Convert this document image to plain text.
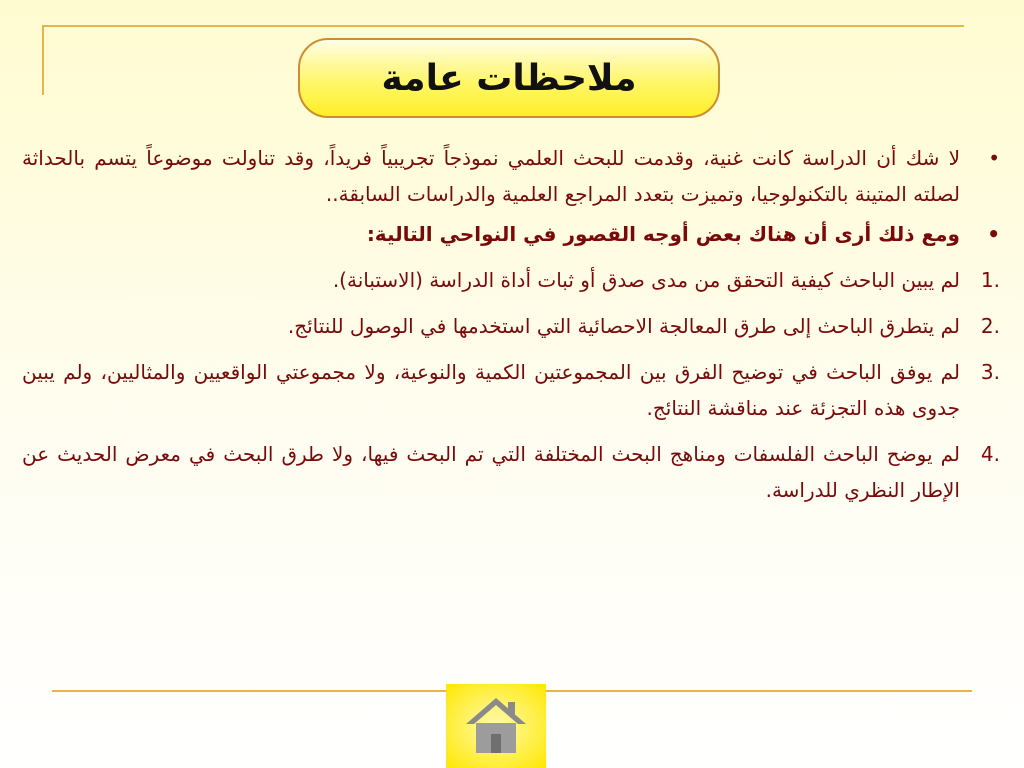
ملاحظات عامة
•
لا شك أن الدراسة كانت غنية، وقدمت للبحث العلمي نموذجاً تجريبياً فريداً، وقد تناولت موضوعاً يتسم بالحداثة لصلته المتينة بالتكنولوجيا، وتميزت بتعدد المراجع العلمية والدراسات السابقة..
•
ومع ذلك أرى أن هناك بعض أوجه القصور في النواحي التالية:
1.
لم يبين الباحث كيفية التحقق من مدى صدق أو ثبات أداة الدراسة (الاستبانة).
2.
لم يتطرق الباحث إلى طرق المعالجة الاحصائية التي استخدمها في الوصول للنتائج.
3.
لم يوفق الباحث في توضيح الفرق بين المجموعتين الكمية والنوعية، ولا مجموعتي الواقعيين والمثاليين، ولم يبين جدوى هذه التجزئة عند مناقشة النتائج.
4.
لم يوضح الباحث الفلسفات ومناهج البحث المختلفة التي تم البحث فيها، ولا طرق البحث في معرض الحديث عن الإطار النظري للدراسة.
